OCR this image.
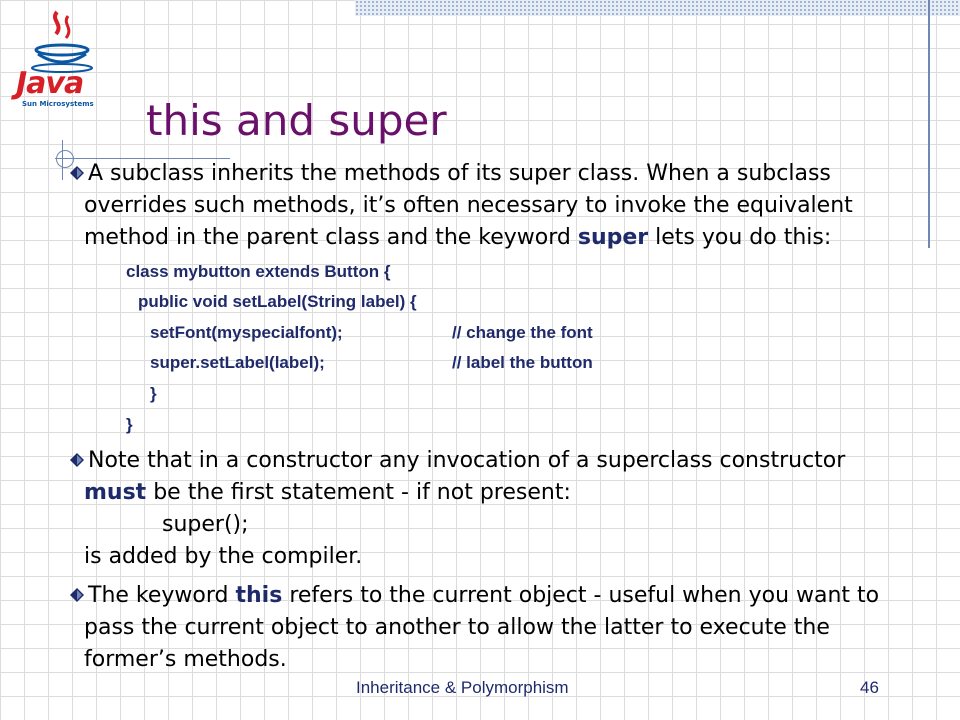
Java
Sun Microsystems this and super
A subclass inherits the methods of its super class. When a subclass
overrides such methods, it’s often necessary to invoke the equivalent
method in the parent class and the keyword super lets you do this:
class mybutton extends Button {
public void setLabel(String label) {
setFont(myspecialfont);	// change the font
super.setLabel(label);	// label the button
}
}
Note that in a constructor any invocation of a superclass constructor
must be the first statement - if not present:
super();
is added by the compiler.
The keyword this refers to the current object - useful when you want to
pass the current object to another to allow the latter to execute the
former’s methods.
Inheritance & Polymorphism	46
